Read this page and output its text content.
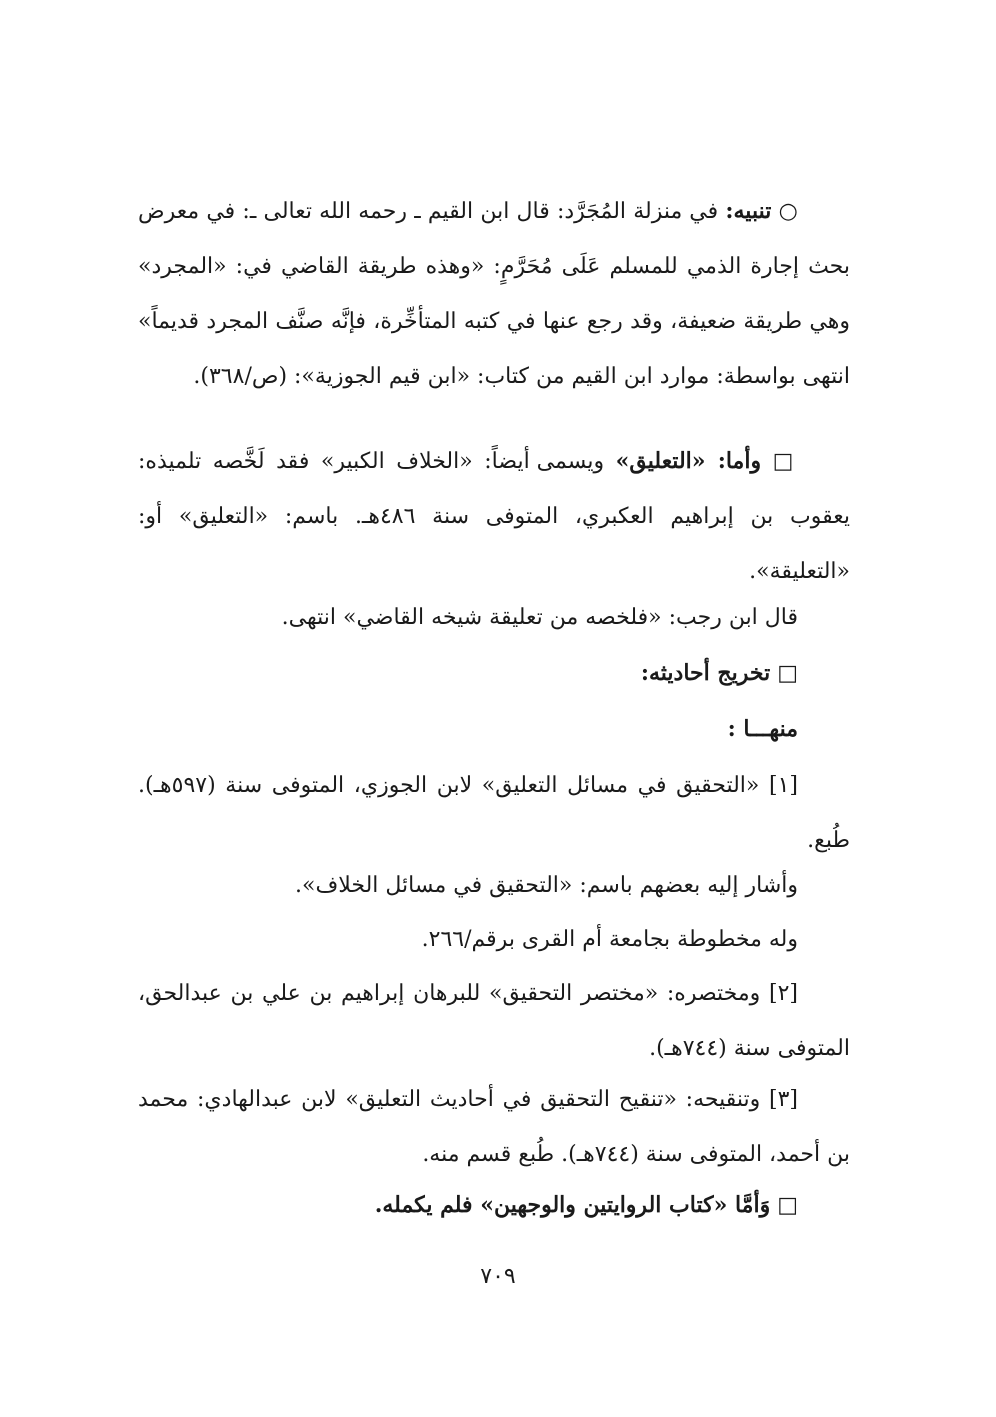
○ تنبيه: في منزلة المُجَرَّد: قال ابن القيم ـ رحمه الله تعالى ـ: في معرض بحث إجارة الذمي للمسلم عَلَى مُحَرَّمٍ: «وهذه طريقة القاضي في: «المجرد» وهي طريقة ضعيفة، وقد رجع عنها في كتبه المتأخِّرة، فإنَّه صنَّف المجرد قديماً» انتهى بواسطة: موارد ابن القيم من كتاب: «ابن قيم الجوزية»: (ص/٣٦٨).
□ وأما: «التعليق» ويسمى أيضاً: «الخلاف الكبير» فقد لَخَّصه تلميذه: يعقوب بن إبراهيم العكبري، المتوفى سنة ٤٨٦هـ. باسم: «التعليق» أو: «التعليقة».
قال ابن رجب: «فلخصه من تعليقة شيخه القاضي» انتهى.
□ تخريج أحاديثه:
منهـــا :
[١] «التحقيق في مسائل التعليق» لابن الجوزي، المتوفى سنة (٥٩٧هـ). طُبع.
وأشار إليه بعضهم باسم: «التحقيق في مسائل الخلاف».
وله مخطوطة بجامعة أم القرى برقم/٢٦٦.
[٢] ومختصره: «مختصر التحقيق» للبرهان إبراهيم بن علي بن عبدالحق، المتوفى سنة (٧٤٤هـ).
[٣] وتنقيحه: «تنقيح التحقيق في أحاديث التعليق» لابن عبدالهادي: محمد بن أحمد، المتوفى سنة (٧٤٤هـ). طُبع قسم منه.
□ وَأمَّا «كتاب الروايتين والوجهين» فلم يكمله.
٧٠٩
